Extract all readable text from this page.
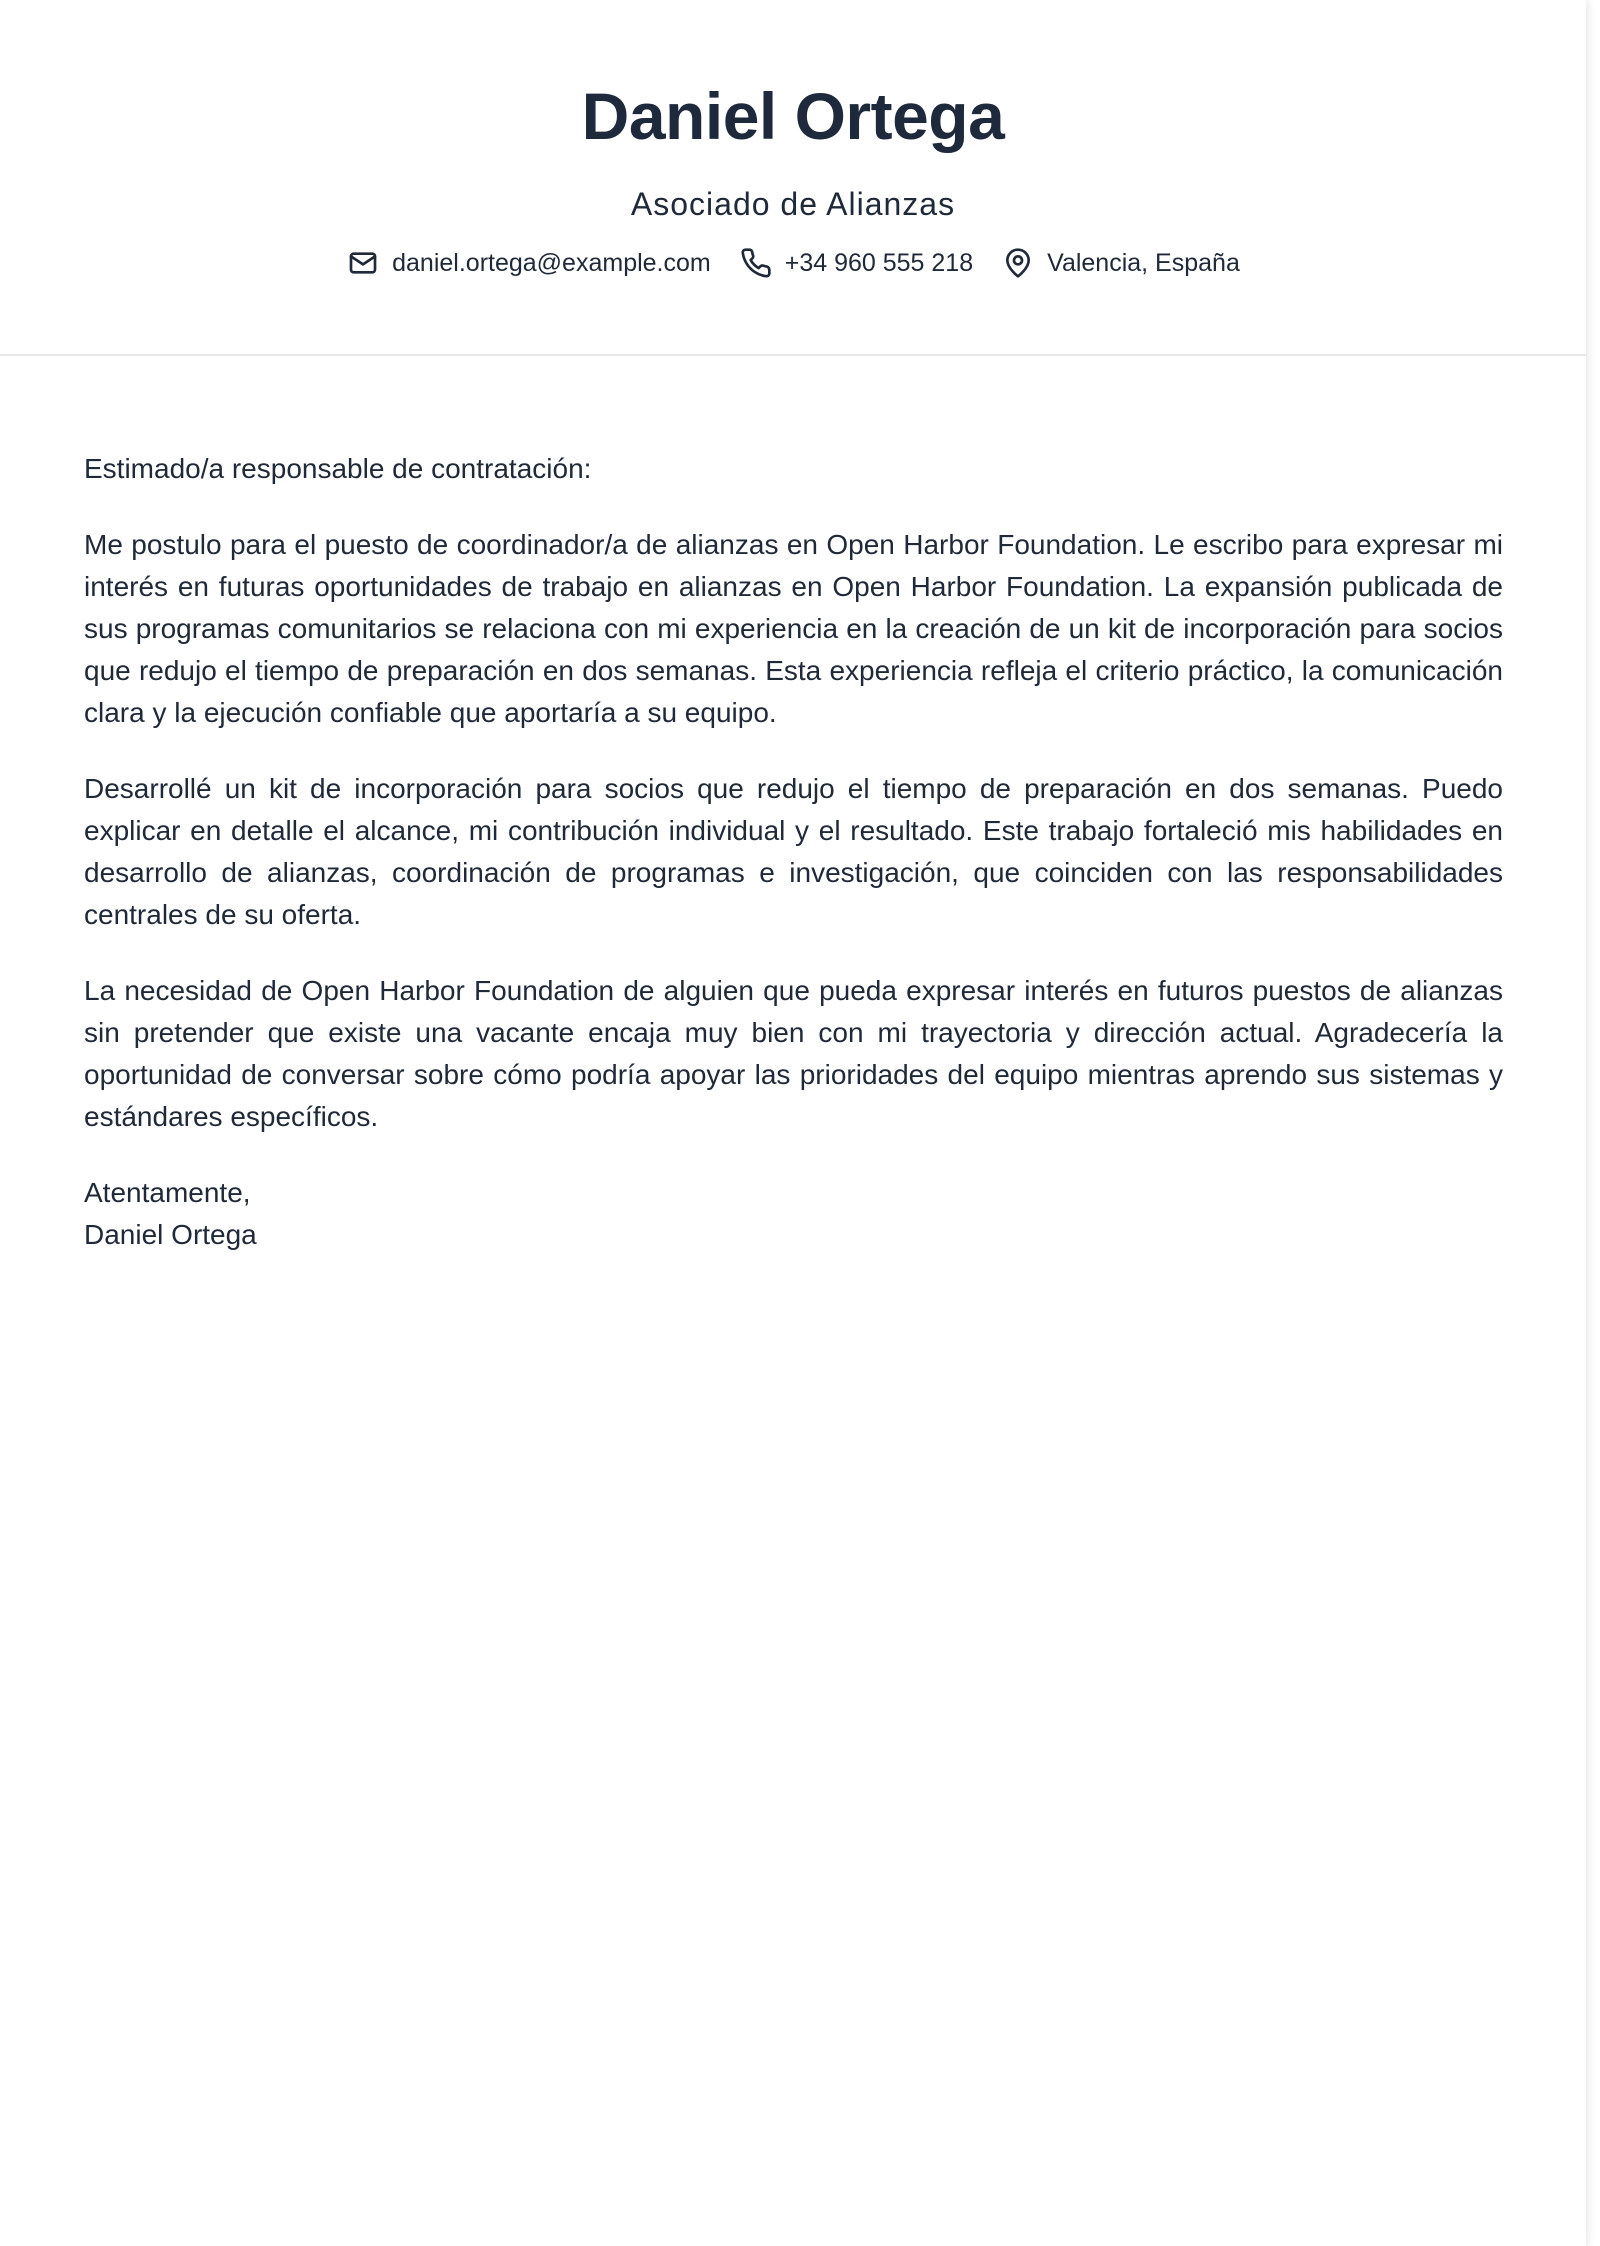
Daniel Ortega
Asociado de Alianzas
daniel.ortega@example.com	+34 960 555 218	Valencia, España

Estimado/a responsable de contratación:

Me postulo para el puesto de coordinador/a de alianzas en Open Harbor Foundation. Le escribo para expresar mi interés en futuras oportunidades de trabajo en alianzas en Open Harbor Foundation. La expansión publicada de sus programas comunitarios se relaciona con mi experiencia en la creación de un kit de incorporación para socios que redujo el tiempo de preparación en dos semanas. Esta experiencia refleja el criterio práctico, la comunicación clara y la ejecución confiable que aportaría a su equipo.

Desarrollé un kit de incorporación para socios que redujo el tiempo de preparación en dos semanas. Puedo explicar en detalle el alcance, mi contribución individual y el resultado. Este trabajo fortaleció mis habilidades en desarrollo de alianzas, coordinación de programas e investigación, que coinciden con las responsabilidades centrales de su oferta.

La necesidad de Open Harbor Foundation de alguien que pueda expresar interés en futuros puestos de alianzas sin pretender que existe una vacante encaja muy bien con mi trayectoria y dirección actual. Agradecería la oportunidad de conversar sobre cómo podría apoyar las prioridades del equipo mientras aprendo sus sistemas y estándares específicos.

Atentamente,
Daniel Ortega
